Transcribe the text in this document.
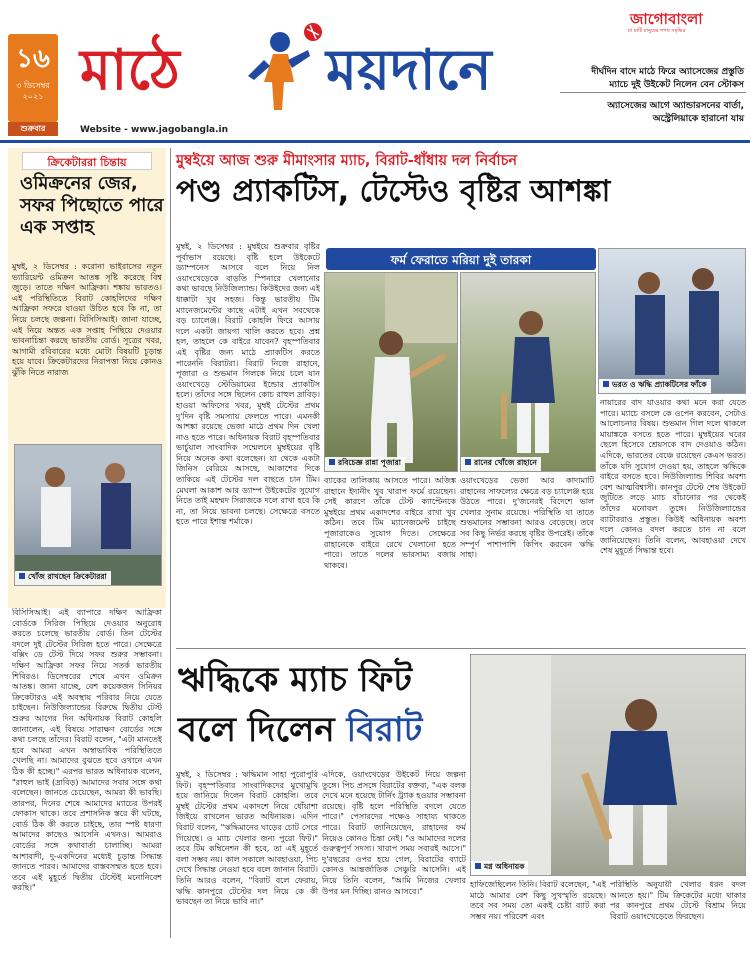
১৬
৩ ডিসেম্বর
২০২১
শুক্রবার
মাঠে	ময়দানে
Website - www.jagobangla.in
জাগোবাংলা
মা মাটি মানুষের শপথ সমৃদ্ধির
দীর্ঘদিন বাদে মাঠে ফিরে অ্যাসেজের প্রস্তুতি
ম্যাচে দুই উইকেট নিলেন বেন স্টোকস
অ্যাসেজের আগে অ্যান্ডারসনের বার্তা,
অস্ট্রেলিয়াকে হারানো যায়
ক্রিকেটাররা চিন্তায়
ওমিক্রনের জের, সফর পিছোতে পারে এক সপ্তাহ
মুম্বই, ২ ডিসেম্বর : করোনা ভাইরাসের নতুন ভ্যারিয়েন্ট ওমিক্রন আতঙ্ক সৃষ্টি করেছে বিশ্ব জুড়ে। তাতে দক্ষিণ আফ্রিকা। শঙ্কায় ভারতও। এই পরিস্থিতিতে বিরাট কোহলিদের দক্ষিণ আফ্রিকা সফরে যাওয়া উচিত হবে কি না, তা নিয়ে চলছে জল্পনা। বিসিসিআই। জানা যাচ্ছে, এই নিয়ে অন্তত এক সপ্তাহ পিছিয়ে দেওয়ার ভাবনাচিন্তা করছে ভারতীয় বোর্ড। সূত্রের খবর, আগামী রবিবারের মধ্যে মোটা বিষয়টি চূড়ান্ত হয়ে যাবে। ক্রিকেটারদের নিরাপত্তা নিয়ে কোনও ঝুঁকি নিতে নারাজ
খোঁজ রাখছেন ক্রিকেটাররা
বিসিসিআই। এই ব্যাপারে দক্ষিণ আফ্রিকা বোর্ডকে সিরিজ পিছিয়ে দেওয়ার অনুরোধ করতে চলেছে ভারতীয় বোর্ড। তিন টেস্টের বদলে দুই টেস্টের সিরিজ হতে পারে। সেক্ষেত্রে বক্সিং ডে টেস্ট দিয়ে সফর শুরুর সম্ভাবনা। দক্ষিণ আফ্রিকা সফর নিয়ে সতর্ক ভারতীয় শিবিরও। ডিসেম্বরের শেষে এখন ওমিক্রন আতঙ্ক। জানা যাচ্ছে, বেশ কয়েকজন সিনিয়র ক্রিকেটারও এই অবস্থায় পরিবার নিয়ে যেতে চাইছেন। নিউজিল্যান্ডের বিরুদ্ধে দ্বিতীয় টেস্ট শুরুর আগের দিন অধিনায়ক বিরাট কোহলি জানালেন, এই বিষয়ে সারাক্ষণ বোর্ডের সঙ্গে কথা চলছে তাঁদের। বিরাট বলেন, "এটা মানতেই হবে আমরা এখন অস্বাভাবিক পরিস্থিতিতে খেলছি না। আমাদের বুঝতে হবে ওখানে এখন ঠিক কী হচ্ছে।" এরপর ভারত অধিনায়ক বলেন, "রাহুল ভাই (দ্রাবিড়) আমাদের সবার সঙ্গে কথা বলেছেন। জানতে চেয়েছেন, আমরা কী ভাবছি। তারপর, দিনের শেষে আমাদের ম্যাচের উপরই ফোকাস থাকে। তবে প্রশাসনিক স্তরে কী ঘটছে, বোর্ড ঠিক কী করতে চাইছে, তার স্পষ্ট ধারণা আমাদের কাছেও আসেনি এখনও। আমরাও বোর্ডের সঙ্গে কথাবার্তা চালাচ্ছি। আমরা আশাবাদী, দু-একদিনের মধ্যেই চূড়ান্ত সিদ্ধান্ত জানতে পারব। আমাদের বাস্তবসম্মত হতে হবে। তবে এই মুহূর্তে দ্বিতীয় টেস্টেই মনোনিবেশ করছি।"
মুম্বইয়ে আজ শুরু মীমাংসার ম্যাচ, বিরাট-ধাঁধায় দল নির্বাচন
পণ্ড প্র্যাকটিস, টেস্টেও বৃষ্টির আশঙ্কা
মুম্বই, ২ ডিসেম্বর : মুম্বইয়ে শুক্রবার বৃষ্টির পূর্বাভাস রয়েছে। বৃষ্টি হলে উইকেটে ড্যাম্পনেস আসবে বলে নিয়ে নিল ওয়াংখেড়েকে বাড়তি স্পিনারে খেলানোর কথা ভাবছে নিউজিল্যান্ড। কিউইদের জন্য এই ধাক্কাটা খুব সহজ। কিন্তু ভারতীয় টিম ম্যানেজমেন্টের কাছে এটাই এখন সবথেকে বড় চ্যালেঞ্জ। বিরাট কোহলি ফিরে আসায় দলে একটা জায়গা খালি করতে হবে। প্রশ্ন হল, তাহলে কে বাইরে যাবেন? বৃহস্পতিবার এই বৃষ্টির জন্য মাঠে প্র্যাকটিস করতে পারেননি বিরাটরা। বিরাট নিজে রাহানে, পূজারা ও শুভমান গিলকে নিয়ে চলে যান ওয়াংখেড়ে স্টেডিয়ামের ইন্ডোর প্র্যাকটিস হলে। তাঁদের সঙ্গে ছিলেন কোচ রাহুল দ্রাবিড়। হাওয়া অফিসের খবর, মুম্বই টেস্টের প্রথম দু'দিন বৃষ্টি সমস্যায় ফেলতে পারে। এমনকী আশঙ্কা রয়েছে ভেজা মাঠে প্রথম দিন খেলা নাও হতে পারে। অধিনায়ক বিরাট বৃহস্পতিবার ভার্চুয়াল সাংবাদিক সম্মেলনে মুম্বইয়ের বৃষ্টি নিয়ে অনেক কথা বলেছেন। যা থেকে একটা জিনিস বেরিয়ে আসছে, আকাশের দিকে তাকিয়ে এই টেস্টের দল বাছতে চান টিম। মেঘলা আকাশ আর ড্যাম্প উইকেটের সুযোগ নিতে তাই মহম্মদ সিরাজকে দলে রাখা হবে কি না, তা নিয়ে ভাবনা চলছে। সেক্ষেত্রে বসতে হতে পারে ইশান্ত শর্মাকে।
ফর্ম ফেরাতে মরিয়া দুই তারকা
রবিচেজ্ঞ রান্না পূজারা	রানের খোঁজে রাহানে
ভরত ও ঋদ্ধি প্র্যাকটিসের ফাঁকে
ব্যাকের তালিকায় আসতে পারে। অজিঙ্ক রাহানে ইদানীং খুব খারাপ ফর্মে রয়েছেন। সেই কারণে তাঁকে টেস্ট ক্যাপ্টেনকে মুম্বইয়ে প্রথম একাদশের বাইরে রাখা খুব কঠিন। তবে টিম ম্যানেজমেন্ট চাইছে পূজারাকেও সুযোগ দিতে। সেক্ষেত্রে রাহানেকে বাইরে রেখে খেলানো হতে পারে। তাতে দলের ভারসাম্য বজায় থাকবে।
ওয়াংখেড়ের ভেজা আর কাদামাটি রাহানের সাফল্যের ক্ষেত্রে বড় চ্যালেঞ্জ হয়ে উঠতে পারে। দু'জনেরই বিদেশে ভাল খেলার সুনাম রয়েছে। পরিস্থিতি যা তাতে শুভমানের সম্ভাবনা আরও বেড়েছে। তবে সব কিছু নির্ভর করছে বৃষ্টির উপরেই। তাঁকে সম্পূর্ণ পাশাপাশি কিপিং করবেন ঋদ্ধি সাহা।
নায়ারের বাদ যাওয়ার কথা মনে করা যেতে পারে। ম্যাচে বসলে কে ওপেন করবেন, সেটাও আলোচনার বিষয়। শুভমান গিল দলে থাকলে মায়াঙ্ককে বসতে হতে পারে। মুম্বইয়ের ঘরের ছেলে হিসেবে শ্রেয়সকে বাদ দেওয়াও কঠিন। এদিকে, ভারতের বেঞ্চে রয়েছেন কেএস ভরত। তাঁকে যদি সুযোগ দেওয়া হয়, তাহলে ঋদ্ধিকে বাইরে বসতে হবে। নিউজিল্যান্ড শিবির অবশ্য বেশ আত্মবিশ্বাসী। কানপুর টেস্টে শেষ উইকেট জুটিতে লড়ে ম্যাচ বাঁচানোর পর থেকেই তাঁদের মনোবল তুঙ্গে। নিউজিল্যান্ডের ব্যাটাররাও প্রস্তুত। কিউই অধিনায়ক অবশ্য দলে কোনও বদল করতে চান না বলে জানিয়েছেন। তিনি বলেন, আবহাওয়া দেখে শেষ মুহূর্তে সিদ্ধান্ত হবে।
ঋদ্ধিকে ম্যাচ ফিট
বলে দিলেন বিরাট
মুম্বই, ২ ডিসেম্বর : ঋদ্ধিমান সাহা পুরোপুরি ফিট। বৃহস্পতিবার সাংবাদিকদের মুখোমুখি হয়ে জানিয়ে দিলেন বিরাট কোহলি। তবে মুম্বই টেস্টের প্রথম একাদশে নিয়ে ধোঁয়াশা জিইয়ে রাখলেন ভারত অধিনায়ক। এদিন বিরাট বলেন, "ঋদ্ধিমানের ঘাড়ের চোট সেরে গিয়েছে। ও ম্যাচ খেলার জন্য পুরো ফিট।" তবে টিম কম্বিনেশন কী হবে, তা এই মুহূর্তে বলা সম্ভব নয়। কাল সকালে আবহাওয়া, পিচ দেখে সিদ্ধান্ত নেওয়া হবে বলে জানান বিরাট। তিনি আরও বলেন, "বিরাট বলে ফেরায়, ঋদ্ধি কানপুরে টেস্টের দল নিয়ে কে কী ভাবছেন তা নিয়ে ভাবি না।"
এদিকে, ওয়াংখেড়ের উইকেট নিয়ে জল্পনা তুঙ্গে। পিচ প্রসঙ্গে বিরাটের বক্তব্য, "এক বলক দেখে মনে হয়েছে টার্নিং ট্র্যাক হওয়ার সম্ভাবনা রয়েছে। বৃষ্টি হলে পরিস্থিতি বদলে যেতে পারে।" পেসারদের পক্ষেও সাহায্য থাকতে পারে। বিরাট জানিয়েছেন, রাহানের ফর্ম নিয়েও কোনও চিন্তা নেই। "ও আমাদের দলের গুরুত্বপূর্ণ সদস্য। খারাপ সময় সবারই আসে।" দু'বছরের ওপর হয়ে গেল, বিরাটের ব্যাটে কোনও আন্তর্জাতিক সেঞ্চুরি আসেনি। এই নিয়ে তিনি বলেন, "আমি নিজের খেলার উপর মন দিচ্ছি। রানও আসবে।"
মগ্ন অধিনায়ক
হাফিজেছিলেন তিনি। বিরাট বলেছেন, "এই মাঠে আমার বেশ কিছু সুখস্মৃতি রয়েছে। তবে সব সময় তো একই চেষ্টা ব্যাট করা সম্ভব নয়। পরিবেশ এবং
পরিস্থিতি অনুযায়ী খেলার ধরন বদল আনতে হয়।" টিম ক্রিকেটের মধ্যে থাকার পর কানপুরে প্রথম টেস্টে বিশ্রাম নিয়ে বিরাট ওয়াংখেড়েতে ফিরছেন।
